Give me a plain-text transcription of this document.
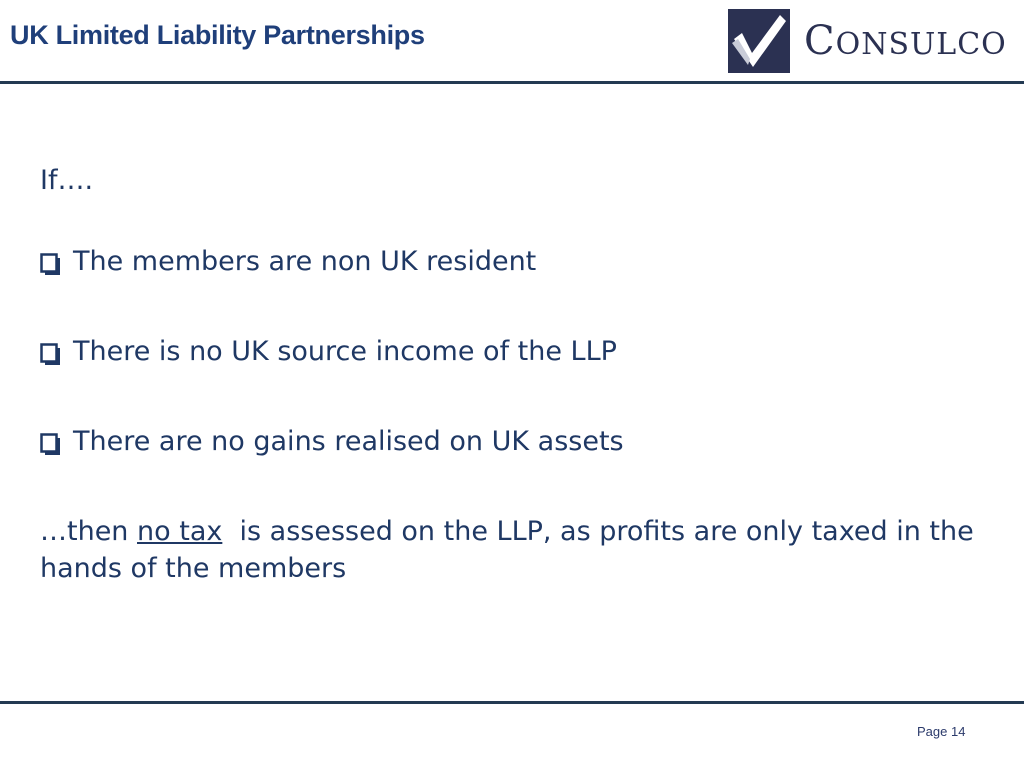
UK Limited Liability Partnerships	CONSULCO

If….

The members are non UK resident
There is no UK source income of the LLP
There are no gains realised on UK assets
…then no tax  is assessed on the LLP, as profits are only taxed in the hands of the members
Page 14
